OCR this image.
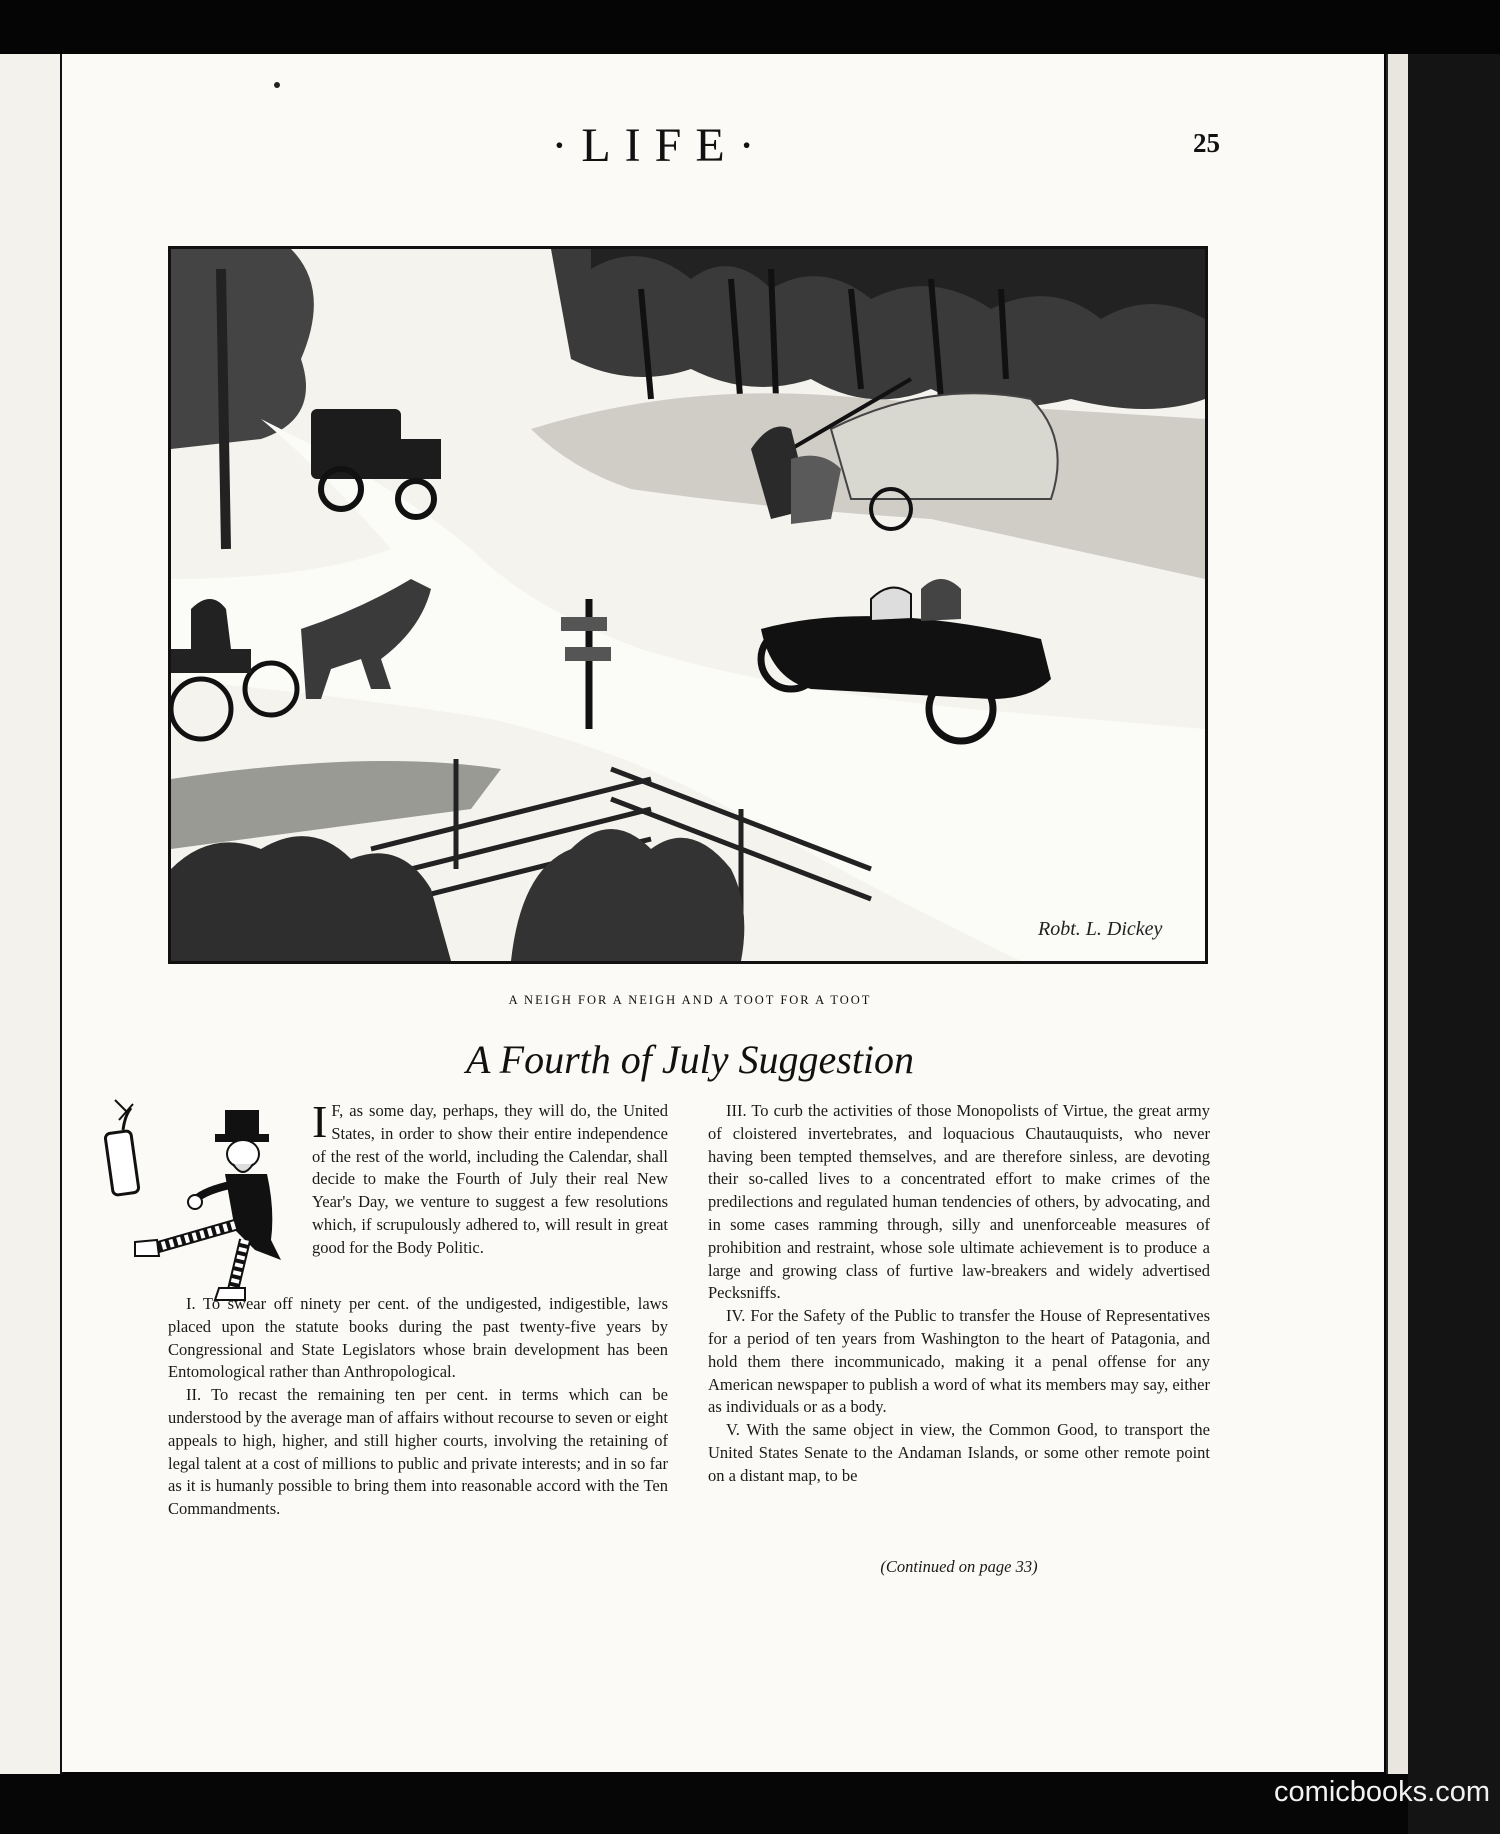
·LIFE·	25
Robt. L. Dickey
A NEIGH FOR A NEIGH AND A TOOT FOR A TOOT
A Fourth of July Suggestion

I F, as some day, perhaps, they will do, the United States, in order to show their entire independence of the rest of the world, including the Calendar, shall decide to make the Fourth of July their real New Year's Day, we venture to suggest a few resolutions which, if scrupulously adhered to, will result in great good for the Body Politic.

I. To swear off ninety per cent. of the undigested, indigestible, laws placed upon the statute books during the past twenty-five years by Congressional and State Legislators whose brain development has been Entomological rather than Anthropological.

II. To recast the remaining ten per cent. in terms which can be understood by the average man of affairs without recourse to seven or eight appeals to high, higher, and still higher courts, involving the retaining of legal talent at a cost of millions to public and private interests; and in so far as it is humanly possible to bring them into reasonable accord with the Ten Commandments.

III. To curb the activities of those Monopolists of Virtue, the great army of cloistered invertebrates, and loquacious Chautauquists, who never having been tempted themselves, and are therefore sinless, are devoting their so-called lives to a concentrated effort to make crimes of the predilections and regulated human tendencies of others, by advocating, and in some cases ramming through, silly and unenforceable measures of prohibition and restraint, whose sole ultimate achievement is to produce a large and growing class of furtive law-breakers and widely advertised Pecksniffs.

IV. For the Safety of the Public to transfer the House of Representatives for a period of ten years from Washington to the heart of Patagonia, and hold them there incommunicado, making it a penal offense for any American newspaper to publish a word of what its members may say, either as individuals or as a body.

V. With the same object in view, the Common Good, to transport the United States Senate to the Andaman Islands, or some other remote point on a distant map, to be

(Continued on page 33)
comicbooks.com
